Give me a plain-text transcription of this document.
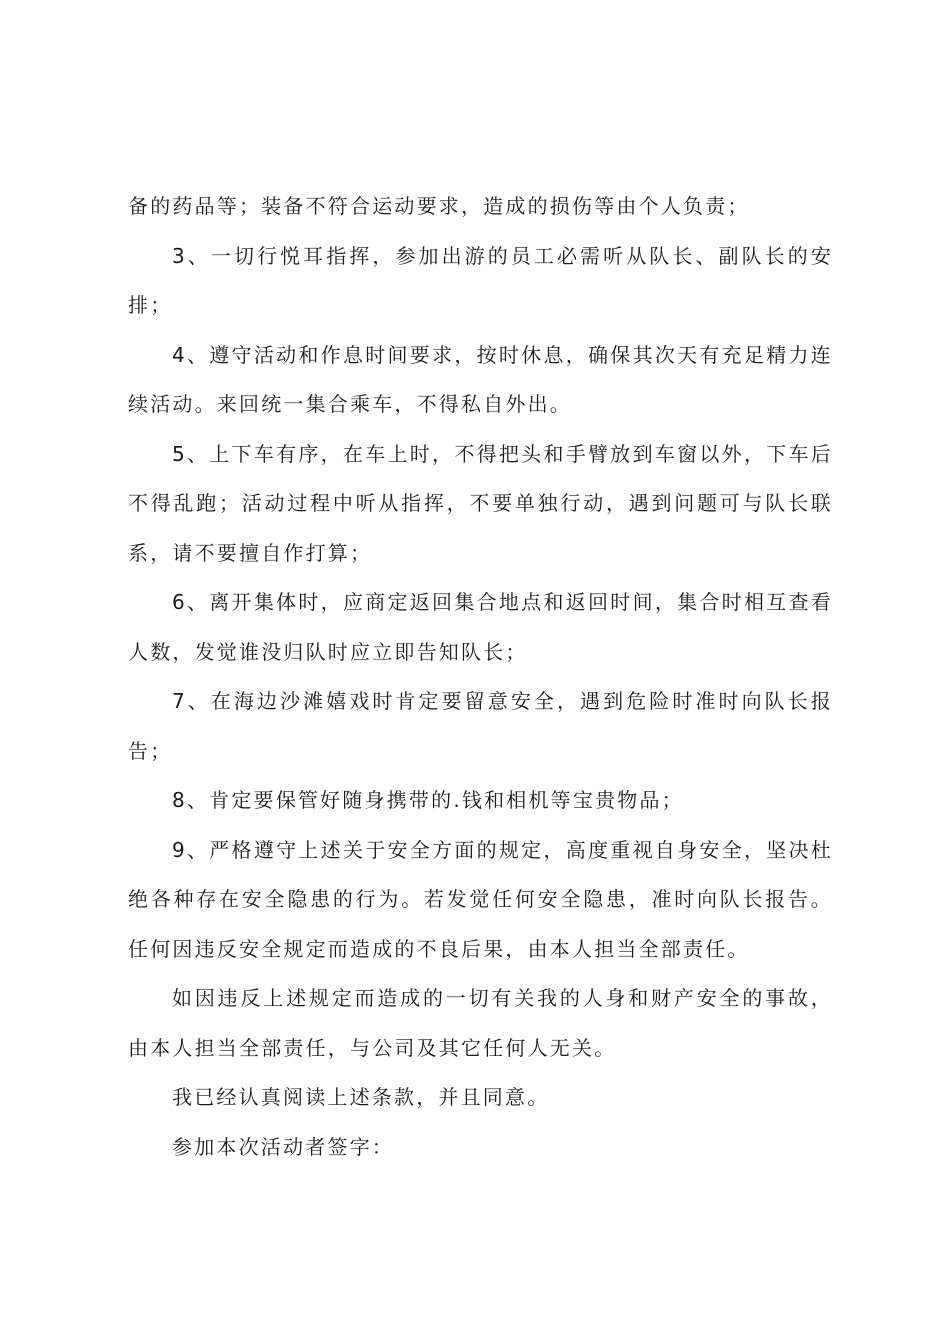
备的药品等；装备不符合运动要求，造成的损伤等由个人负责；

3、一切行悦耳指挥，参加出游的员工必需听从队长、副队长的安排；

4、遵守活动和作息时间要求，按时休息，确保其次天有充足精力连续活动。来回统一集合乘车，不得私自外出。

5、上下车有序，在车上时，不得把头和手臂放到车窗以外，下车后不得乱跑；活动过程中听从指挥，不要单独行动，遇到问题可与队长联系，请不要擅自作打算；

6、离开集体时，应商定返回集合地点和返回时间，集合时相互查看人数，发觉谁没归队时应立即告知队长；

7、在海边沙滩嬉戏时肯定要留意安全，遇到危险时准时向队长报告；

8、肯定要保管好随身携带的.钱和相机等宝贵物品；

9、严格遵守上述关于安全方面的规定，高度重视自身安全，坚决杜绝各种存在安全隐患的行为。若发觉任何安全隐患，准时向队长报告。任何因违反安全规定而造成的不良后果，由本人担当全部责任。

如因违反上述规定而造成的一切有关我的人身和财产安全的事故，由本人担当全部责任，与公司及其它任何人无关。

我已经认真阅读上述条款，并且同意。

参加本次活动者签字：
